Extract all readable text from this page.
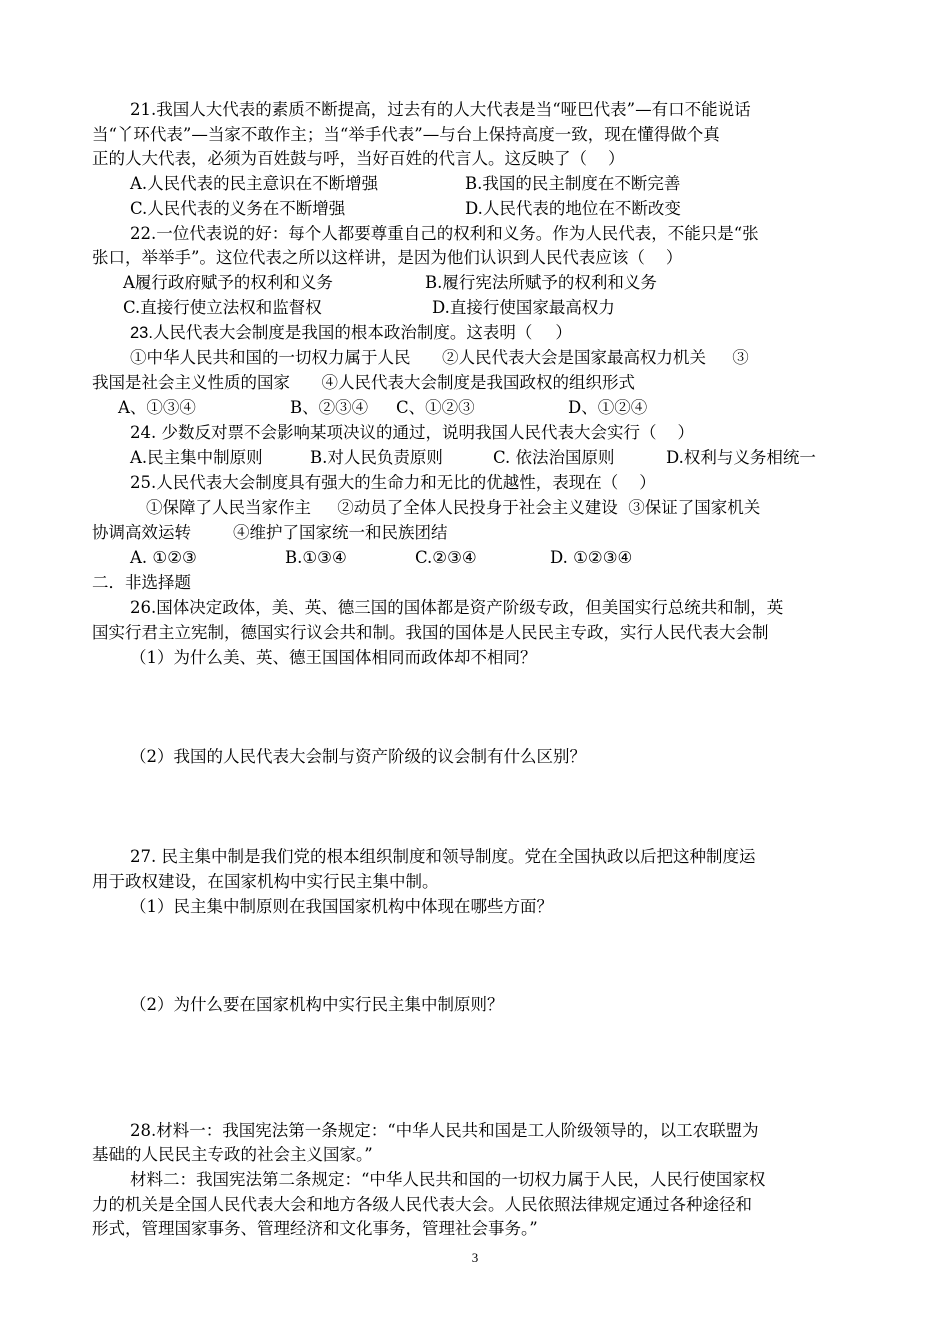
21.我国人大代表的素质不断提高，过去有的人大代表是当“哑巴代表”—有口不能说话
当“丫环代表”—当家不敢作主；当“举手代表”—与台上保持高度一致，现在懂得做个真
正的人大代表，必须为百姓鼓与呼，当好百姓的代言人。这反映了（    ）
A.人民代表的民主意识在不断增强	B.我国的民主制度在不断完善
C.人民代表的义务在不断增强	D.人民代表的地位在不断改变
22.一位代表说的好：每个人都要尊重自己的权利和义务。作为人民代表，不能只是“张
张口，举举手”。这位代表之所以这样讲，是因为他们认识到人民代表应该（    ）
A履行政府赋予的权利和义务	B.履行宪法所赋予的权利和义务
C.直接行使立法权和监督权	D.直接行使国家最高权力
23.人民代表大会制度是我国的根本政治制度。这表明（     ）
①中华人民共和国的一切权力属于人民      ②人民代表大会是国家最高权力机关     ③
我国是社会主义性质的国家      ④人民代表大会制度是我国政权的组织形式
A、①③④	B、②③④ C、①②③	D、①②④
24. 少数反对票不会影响某项决议的通过，说明我国人民代表大会实行（    ）
A.民主集中制原则	B.对人民负责原则	C. 依法治国原则	D.权利与义务相统一
25.人民代表大会制度具有强大的生命力和无比的优越性，表现在（    ）
①保障了人民当家作主     ②动员了全体人民投身于社会主义建设  ③保证了国家机关
协调高效运转        ④维护了国家统一和民族团结
A. ①②③	B.①③④	C.②③④	D. ①②③④
二．非选择题
26.国体决定政体，美、英、德三国的国体都是资产阶级专政，但美国实行总统共和制，英
国实行君主立宪制，德国实行议会共和制。我国的国体是人民民主专政，实行人民代表大会制
（1）为什么美、英、德王国国体相同而政体却不相同？
（2）我国的人民代表大会制与资产阶级的议会制有什么区别？
27. 民主集中制是我们党的根本组织制度和领导制度。党在全国执政以后把这种制度运
用于政权建设，在国家机构中实行民主集中制。
（1）民主集中制原则在我国国家机构中体现在哪些方面？
（2）为什么要在国家机构中实行民主集中制原则？
28.材料一：我国宪法第一条规定：“中华人民共和国是工人阶级领导的，以工农联盟为
基础的人民民主专政的社会主义国家。”
材料二：我国宪法第二条规定：“中华人民共和国的一切权力属于人民，人民行使国家权
力的机关是全国人民代表大会和地方各级人民代表大会。人民依照法律规定通过各种途径和
形式，管理国家事务、管理经济和文化事务，管理社会事务。”
3
